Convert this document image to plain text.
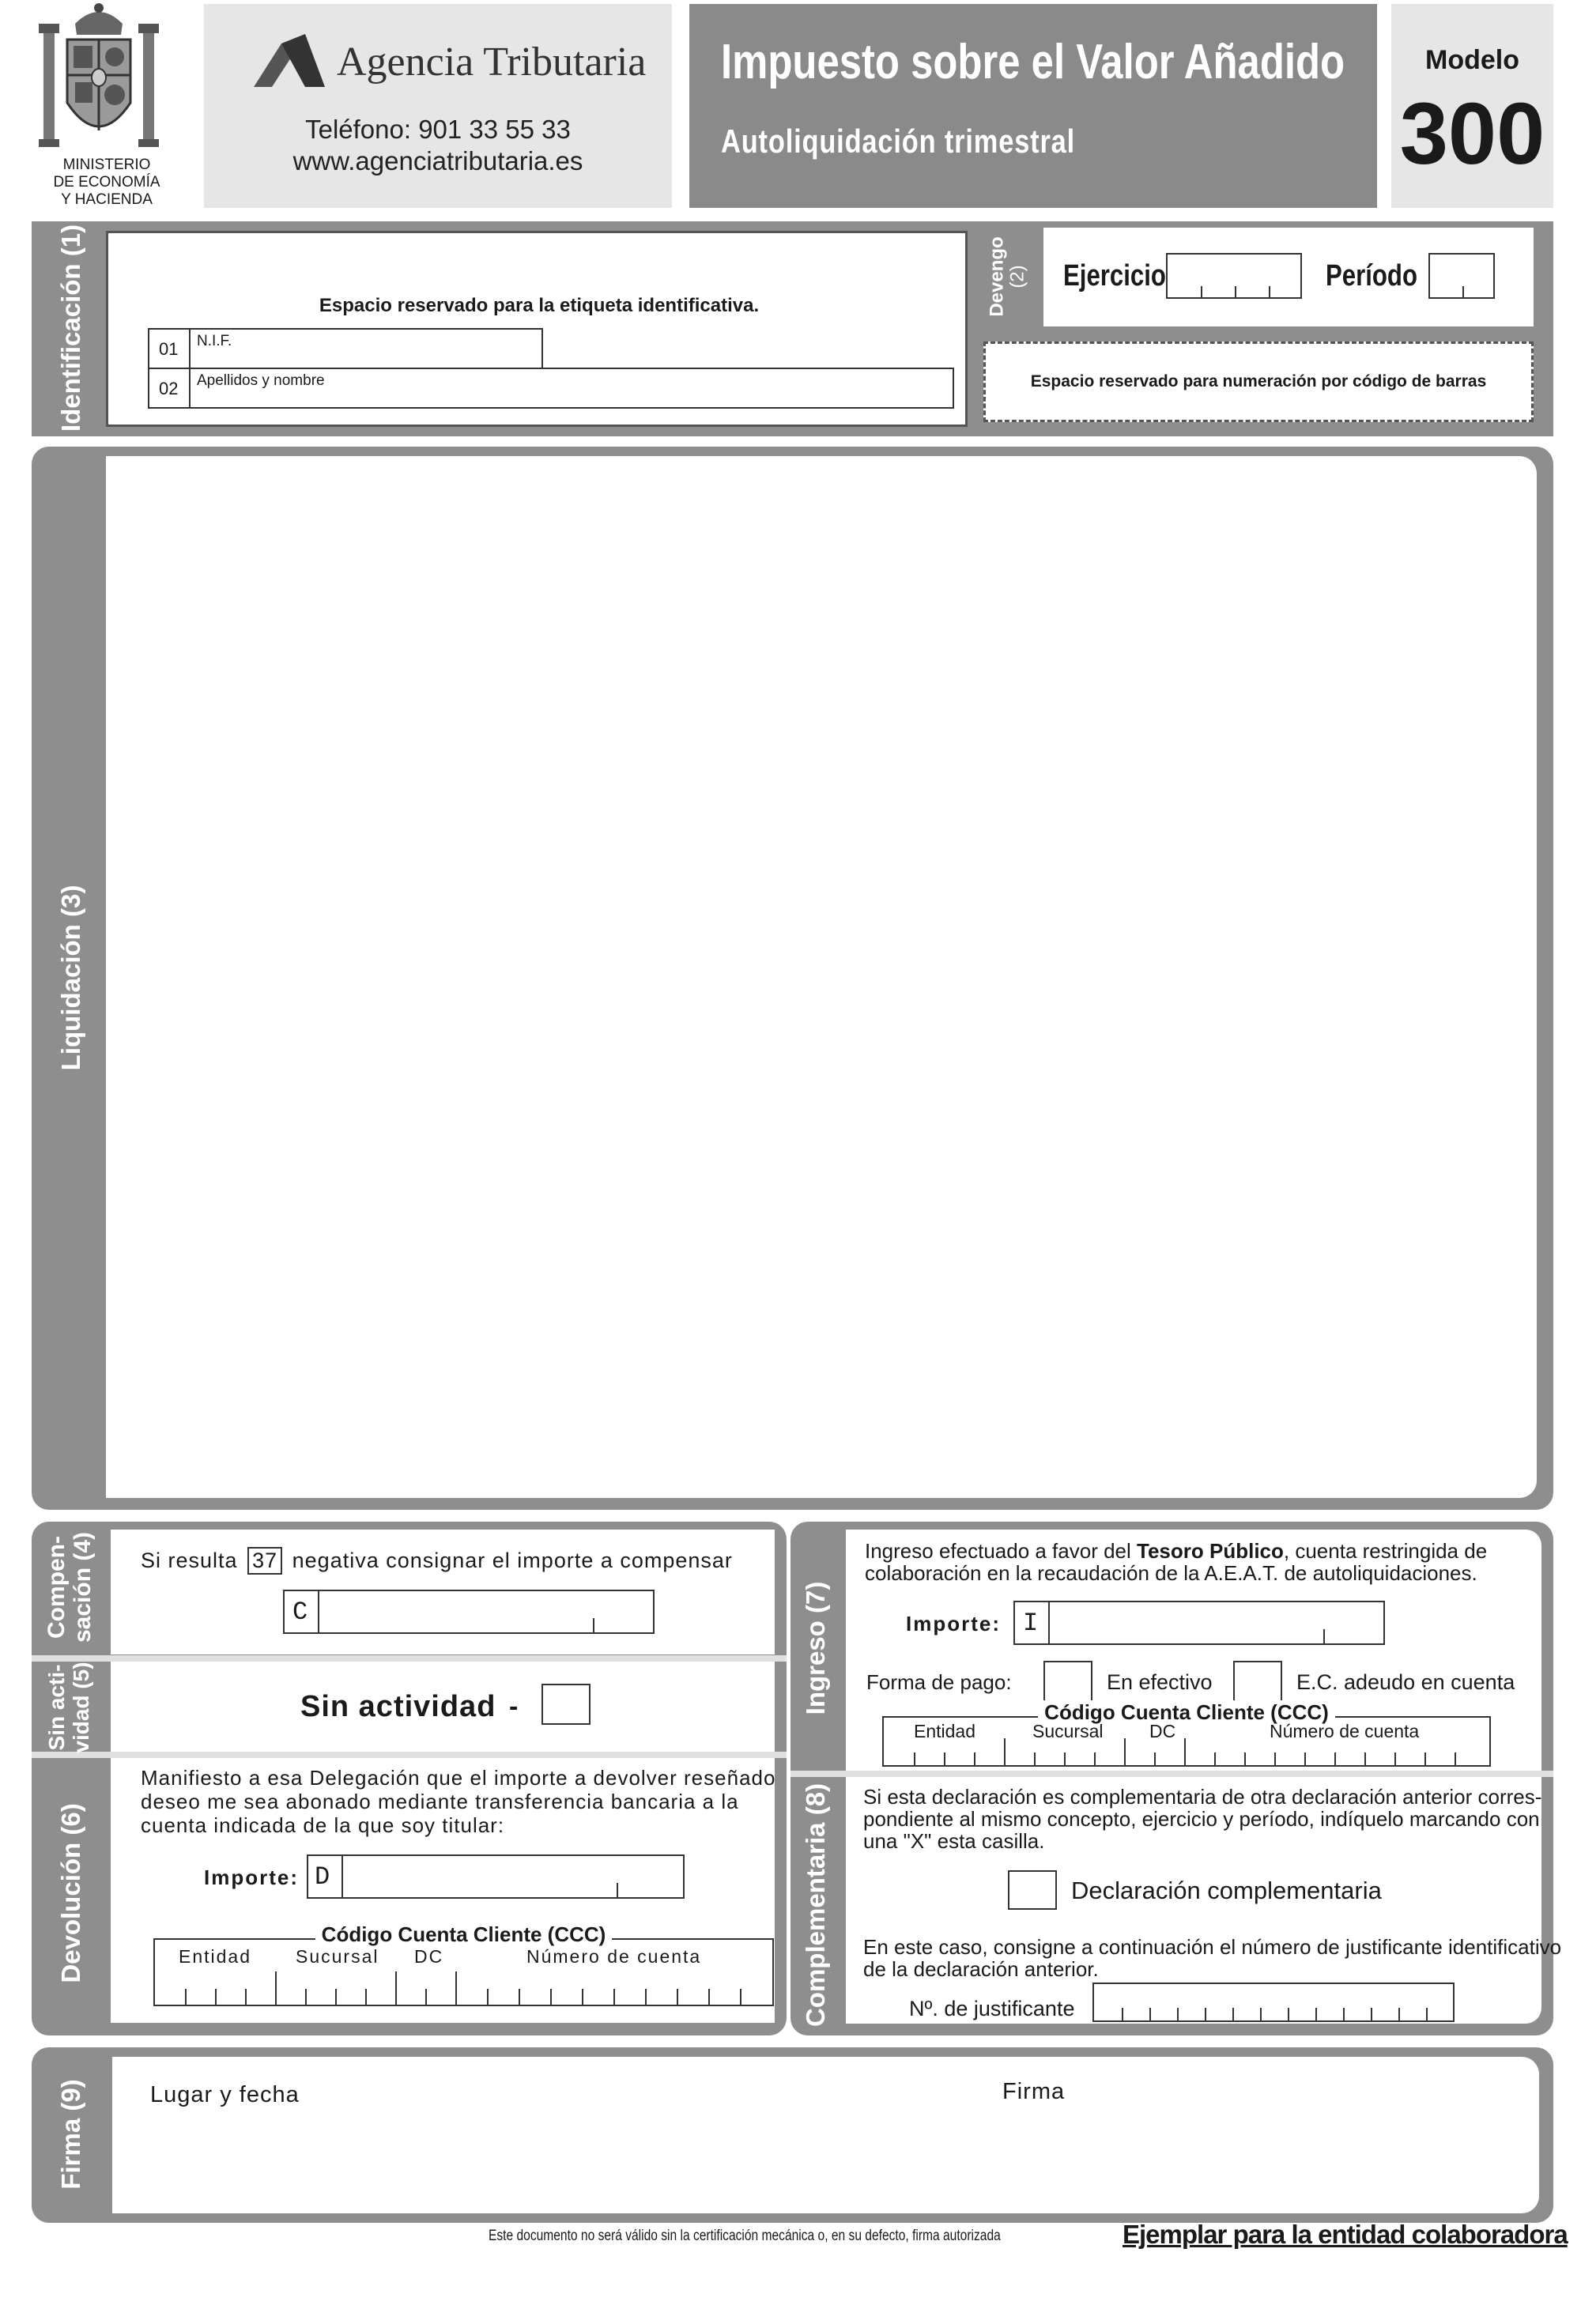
MINISTERIO
DE ECONOMÍA
Y HACIENDA
Agencia Tributaria
Teléfono: 901 33 55 33
www.agenciatributaria.es
Impuesto sobre el Valor Añadido
Autoliquidación trimestral
Modelo
300
Identificación (1)	Espacio reservado para la etiqueta identificativa.
01 N.I.F.
02 Apellidos y nombre
Devengo
(2) Ejercicio	Período
Espacio reservado para numeración por código de barras
Liquidación (3)
Compen-
sación (4) Si resulta 37 negativa consignar el importe a compensar
C
Sin acti-
vidad (5)	Sin actividad -
Devolución (6)
Manifiesto a esa Delegación que el importe a devolver reseñado
deseo me sea abonado mediante transferencia bancaria a la
cuenta indicada de la que soy titular:
Importe: D
Código Cuenta Cliente (CCC)
Entidad Sucursal DC	Número de cuenta
Ingreso (7)
Ingreso efectuado a favor del Tesoro Público, cuenta restringida de
colaboración en la recaudación de la A.E.A.T. de autoliquidaciones.
Importe: I
Forma de pago:	En efectivo	E.C. adeudo en cuenta
Código Cuenta Cliente (CCC)
Entidad	Sucursal	DC	Número de cuenta
Complementaria (8) Si esta declaración es complementaria de otra declaración anterior corres-
pondiente al mismo concepto, ejercicio y período, indíquelo marcando con
una "X" esta casilla.
Declaración complementaria
En este caso, consigne a continuación el número de justificante identificativo
de la declaración anterior.
Nº. de justificante
Firma (9)	Lugar y fecha	Firma
Este documento no será válido sin la certificación mecánica o, en su defecto, firma autorizada	Ejemplar para la entidad colaboradora
